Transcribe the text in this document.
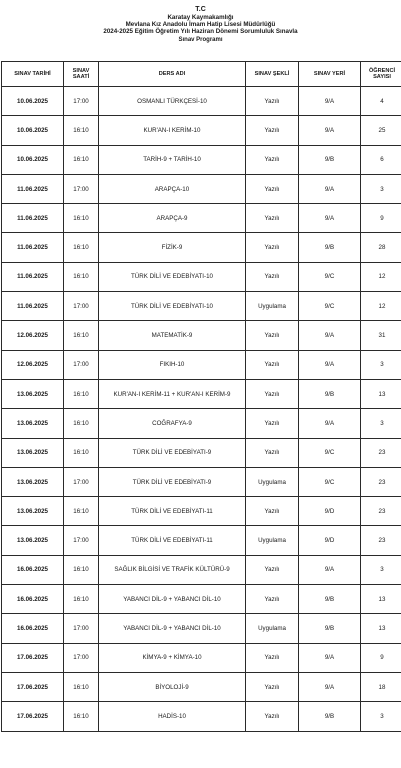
T.C
Karatay Kaymakamlığı
Mevlana Kız Anadolu İmam Hatip Lisesi Müdürlüğü
2024-2025 Eğitim Öğretim Yılı Haziran Dönemi Sorumluluk Sınavla
Sınav Programı
SINAV TARİHİ	SINAV SAATİ	DERS ADI	SINAV ŞEKLİ	SINAV YERİ	ÖĞRENCİ SAYISI
10.06.2025	17:00	OSMANLI TÜRKÇESİ-10	Yazılı	9/A	4
10.06.2025	16:10	KUR'AN-I KERİM-10	Yazılı	9/A	25
10.06.2025	16:10	TARİH-9 + TARİH-10	Yazılı	9/B	6
11.06.2025	17:00	ARAPÇA-10	Yazılı	9/A	3
11.06.2025	16:10	ARAPÇA-9	Yazılı	9/A	9
11.06.2025	16:10	FİZİK-9	Yazılı	9/B	28
11.06.2025	16:10	TÜRK DİLİ VE EDEBİYATI-10	Yazılı	9/C	12
11.06.2025	17:00	TÜRK DİLİ VE EDEBİYATI-10	Uygulama	9/C	12
12.06.2025	16:10	MATEMATİK-9	Yazılı	9/A	31
12.06.2025	17:00	FIKIH-10	Yazılı	9/A	3
13.06.2025	16:10	KUR'AN-I KERİM-11 + KUR'AN-I KERİM-9	Yazılı	9/B	13
13.06.2025	16:10	COĞRAFYA-9	Yazılı	9/A	3
13.06.2025	16:10	TÜRK DİLİ VE EDEBİYATI-9	Yazılı	9/C	23
13.06.2025	17:00	TÜRK DİLİ VE EDEBİYATI-9	Uygulama	9/C	23
13.06.2025	16:10	TÜRK DİLİ VE EDEBİYATI-11	Yazılı	9/D	23
13.06.2025	17:00	TÜRK DİLİ VE EDEBİYATI-11	Uygulama	9/D	23
16.06.2025	16:10	SAĞLIK BİLGİSİ VE TRAFİK KÜLTÜRÜ-9	Yazılı	9/A	3
16.06.2025	16:10	YABANCI DİL-9 + YABANCI DİL-10	Yazılı	9/B	13
16.06.2025	17:00	YABANCI DİL-9 + YABANCI DİL-10	Uygulama	9/B	13
17.06.2025	17:00	KİMYA-9 + KİMYA-10	Yazılı	9/A	9
17.06.2025	16:10	BİYOLOJİ-9	Yazılı	9/A	18
17.06.2025	16:10	HADİS-10	Yazılı	9/B	3
